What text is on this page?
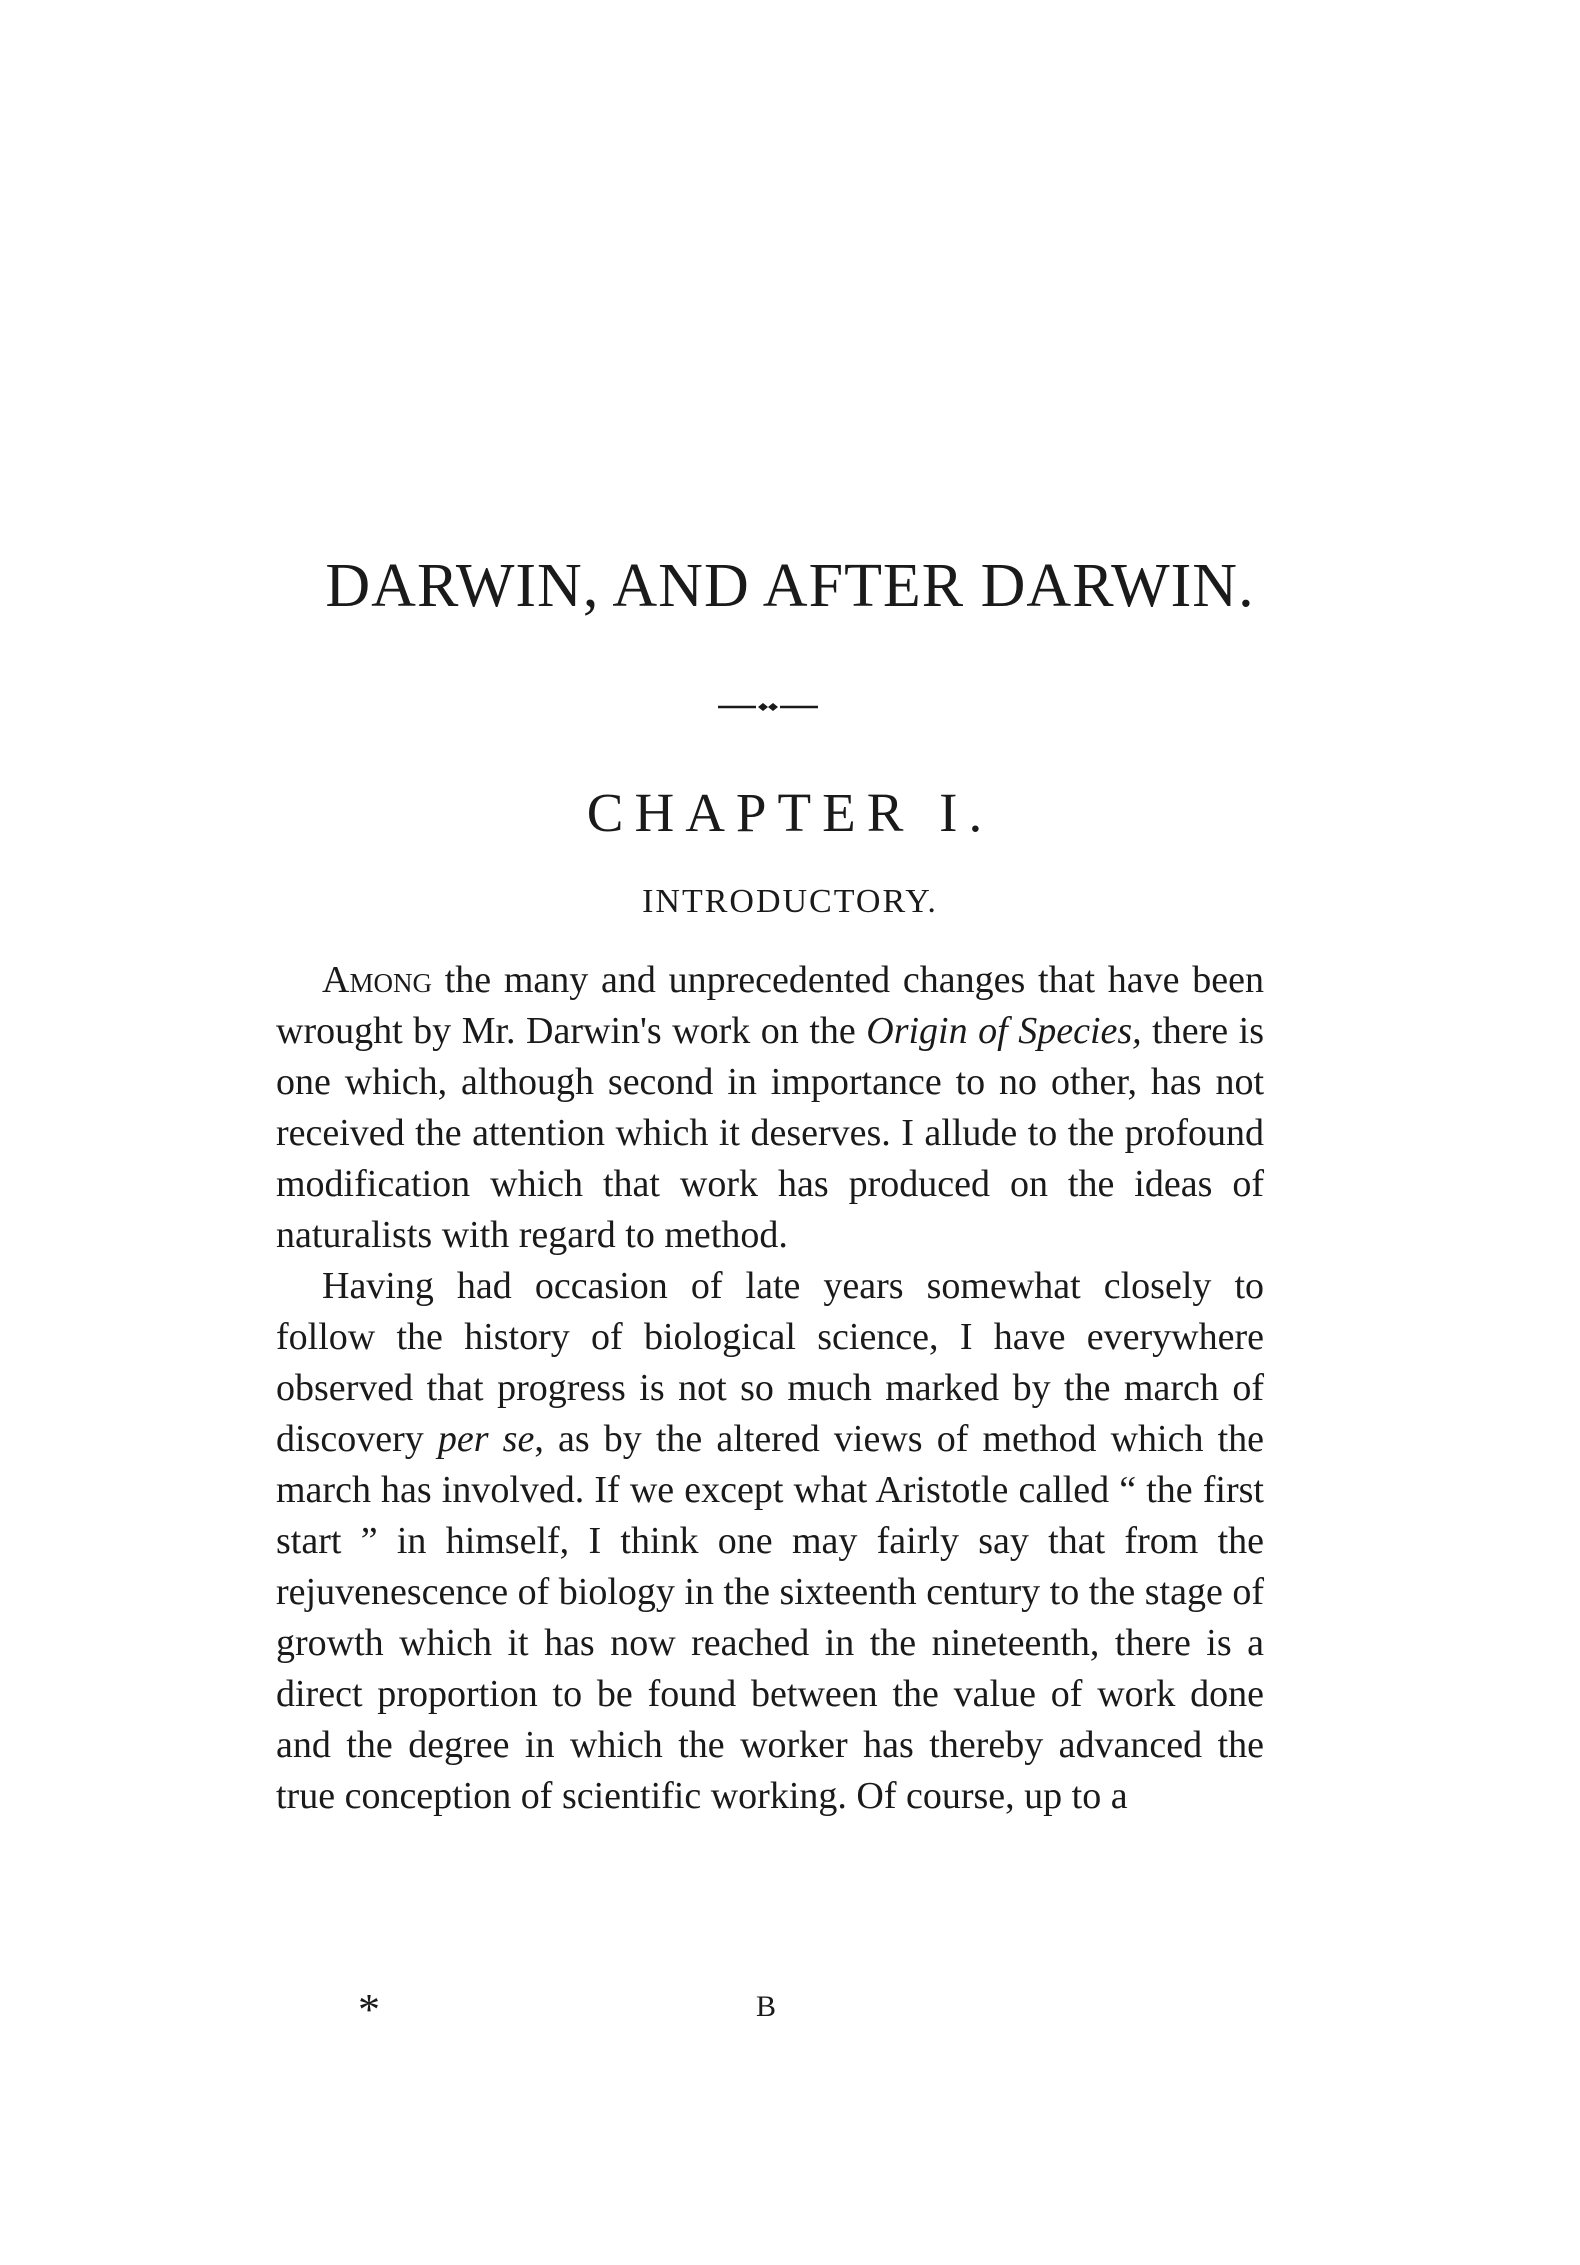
DARWIN, AND AFTER DARWIN.
CHAPTER I.
INTRODUCTORY.

Among the many and unprecedented changes that have been wrought by Mr. Darwin's work on the Origin of Species, there is one which, although second in importance to no other, has not received the attention which it deserves. I allude to the profound modification which that work has produced on the ideas of naturalists with regard to method.

Having had occasion of late years somewhat closely to follow the history of biological science, I have everywhere observed that progress is not so much marked by the march of discovery per se, as by the altered views of method which the march has involved. If we except what Aristotle called “ the first start ” in himself, I think one may fairly say that from the rejuvenescence of biology in the sixteenth century to the stage of growth which it has now reached in the nineteenth, there is a direct proportion to be found between the value of work done and the degree in which the worker has thereby advanced the true conception of scientific working. Of course, up to a

*	B
